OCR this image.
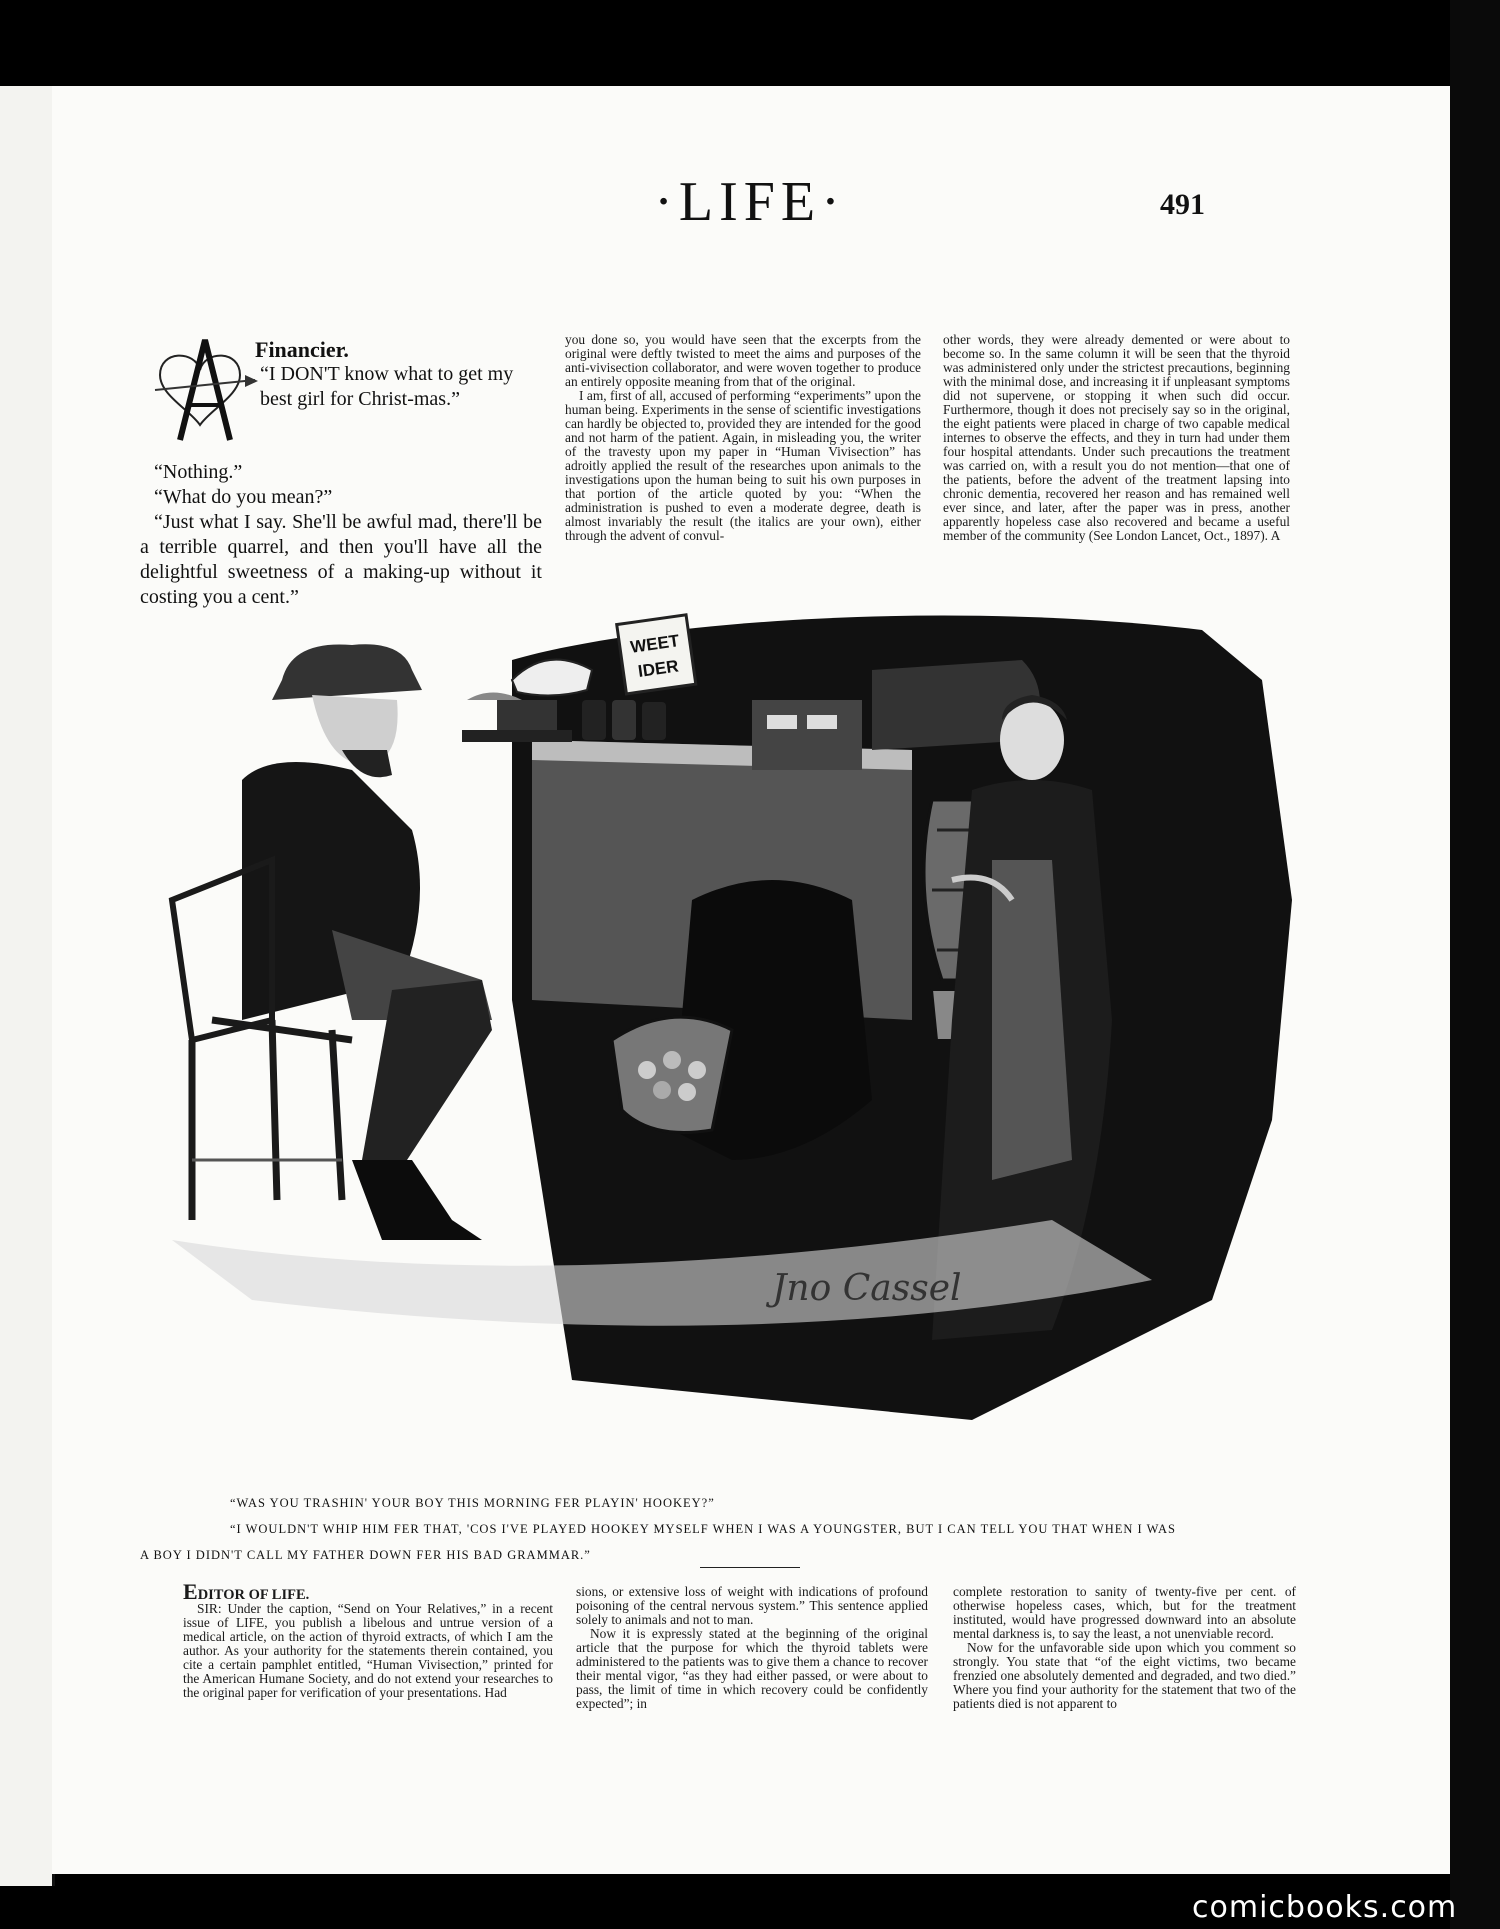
·LIFE·	491
Financier.
“I DON'T know what to get my best girl for Christ‑mas.”

“Nothing.”

“What do you mean?”

“Just what I say. She'll be awful mad, there'll be a terrible quarrel, and then you'll have all the delightful sweetness of a making-up without it costing you a cent.”

you done so, you would have seen that the excerpts from the original were deftly twisted to meet the aims and purposes of the anti-vivisection collaborator, and were woven together to produce an entirely opposite meaning from that of the original.

I am, first of all, accused of performing “experiments” upon the human being. Experiments in the sense of scientific investigations can hardly be objected to, provided they are intended for the good and not harm of the patient. Again, in misleading you, the writer of the travesty upon my paper in “Human Vivisection” has adroitly applied the result of the researches upon animals to the investigations upon the human being to suit his own purposes in that portion of the article quoted by you: “When the administration is pushed to even a moderate degree, death is almost invariably the result (the italics are your own), either through the advent of convul-

other words, they were already demented or were about to become so. In the same column it will be seen that the thyroid was administered only under the strictest precautions, beginning with the minimal dose, and increasing it if unpleasant symptoms did not supervene, or stopping it when such did occur. Furthermore, though it does not precisely say so in the original, the eight patients were placed in charge of two capable medical internes to observe the effects, and they in turn had under them four hospital attendants. Under such precautions the treatment was carried on, with a result you do not mention—that one of the patients, before the advent of the treatment lapsing into chronic dementia, recovered her reason and has remained well ever since, and later, after the paper was in press, another apparently hopeless case also recovered and became a useful member of the community (See London Lancet, Oct., 1897). A

WEET
IDER
Jno Cassel
“WAS YOU TRASHIN' YOUR BOY THIS MORNING FER PLAYIN' HOOKEY?”
“I WOULDN'T WHIP HIM FER THAT, 'COS I'VE PLAYED HOOKEY MYSELF WHEN I WAS A YOUNGSTER, BUT I CAN TELL YOU THAT WHEN I WAS
A BOY I DIDN'T CALL MY FATHER DOWN FER HIS BAD GRAMMAR.”
EDITOR OF LIFE.

SIR: Under the caption, “Send on Your Relatives,” in a recent issue of LIFE, you publish a libelous and untrue version of a medical article, on the action of thyroid extracts, of which I am the author. As your authority for the statements therein contained, you cite a certain pamphlet entitled, “Human Vivisection,” printed for the American Humane Society, and do not extend your researches to the original paper for verification of your presentations. Had

sions, or extensive loss of weight with indications of profound poisoning of the central nervous system.” This sentence applied solely to animals and not to man.

Now it is expressly stated at the beginning of the original article that the purpose for which the thyroid tablets were administered to the patients was to give them a chance to recover their mental vigor, “as they had either passed, or were about to pass, the limit of time in which recovery could be confidently expected”; in

complete restoration to sanity of twenty-five per cent. of otherwise hopeless cases, which, but for the treatment instituted, would have progressed downward into an absolute mental darkness is, to say the least, a not unenviable record.

Now for the unfavorable side upon which you comment so strongly. You state that “of the eight victims, two became frenzied one absolutely demented and degraded, and two died.” Where you find your authority for the statement that two of the patients died is not apparent to

comicbooks.com
